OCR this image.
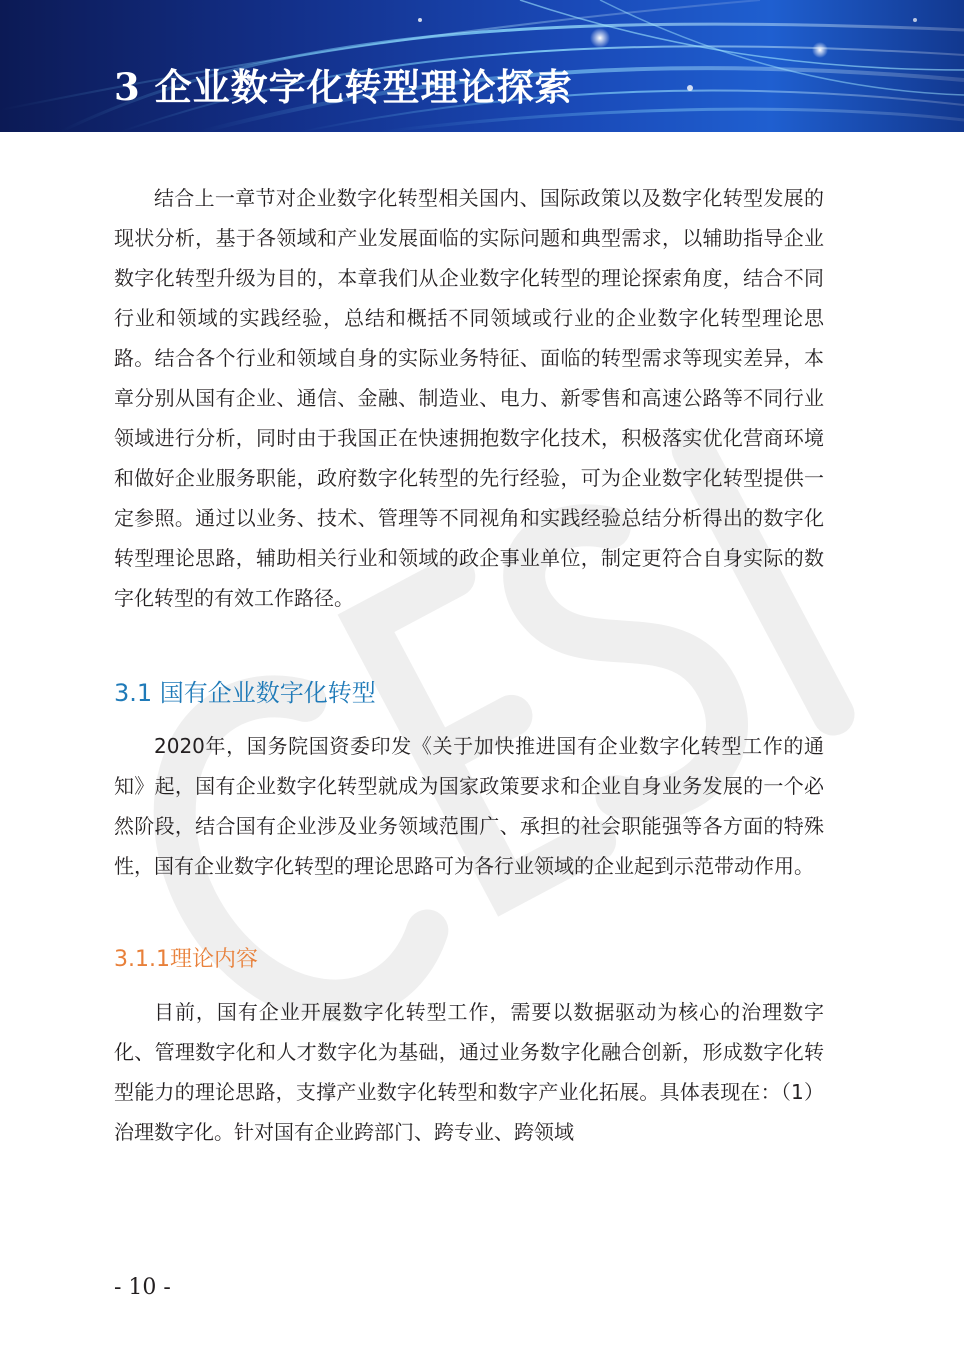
3 企业数字化转型理论探索

结合上一章节对企业数字化转型相关国内、国际政策以及数字化转型发展的现状分析，基于各领域和产业发展面临的实际问题和典型需求，以辅助指导企业数字化转型升级为目的，本章我们从企业数字化转型的理论探索角度，结合不同行业和领域的实践经验，总结和概括不同领域或行业的企业数字化转型理论思路。结合各个行业和领域自身的实际业务特征、面临的转型需求等现实差异，本章分别从国有企业、通信、金融、制造业、电力、新零售和高速公路等不同行业领域进行分析，同时由于我国正在快速拥抱数字化技术，积极落实优化营商环境和做好企业服务职能，政府数字化转型的先行经验，可为企业数字化转型提供一定参照。通过以业务、技术、管理等不同视角和实践经验总结分析得出的数字化转型理论思路，辅助相关行业和领域的政企事业单位，制定更符合自身实际的数字化转型的有效工作路径。

3.1 国有企业数字化转型

2020年，国务院国资委印发《关于加快推进国有企业数字化转型工作的通知》起，国有企业数字化转型就成为国家政策要求和企业自身业务发展的一个必然阶段，结合国有企业涉及业务领域范围广、承担的社会职能强等各方面的特殊性，国有企业数字化转型的理论思路可为各行业领域的企业起到示范带动作用。

3.1.1理论内容

目前，国有企业开展数字化转型工作，需要以数据驱动为核心的治理数字化、管理数字化和人才数字化为基础，通过业务数字化融合创新，形成数字化转型能力的理论思路，支撑产业数字化转型和数字产业化拓展。具体表现在：（1）治理数字化。针对国有企业跨部门、跨专业、跨领域

- 10 -
